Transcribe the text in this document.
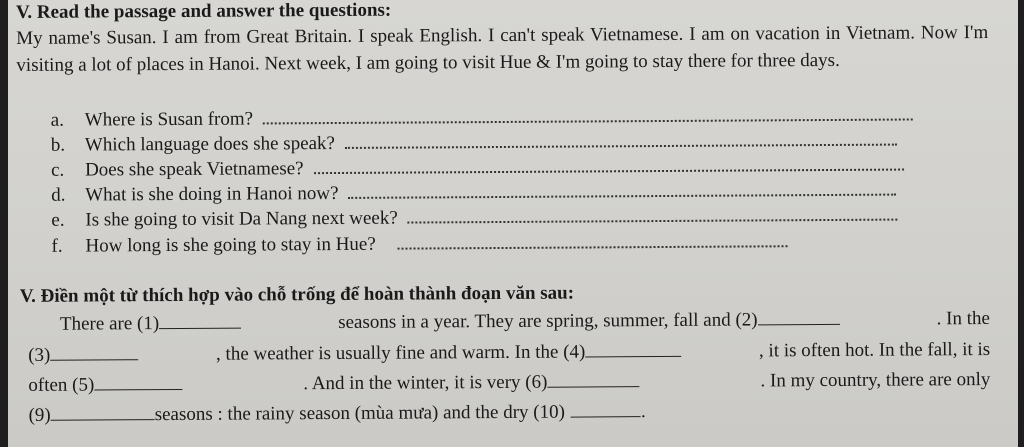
V. Read the passage and answer the questions:

My name's Susan. I am from Great Britain. I speak English. I can't speak Vietnamese. I am on vacation in Vietnam. Now I'm visiting a lot of places in Hanoi. Next week, I am going to visit Hue & I'm going to stay there for three days.

a.	Where is Susan from?
b.	Which language does she speak?
c.	Does she speak Vietnamese?
d.	What is she doing in Hanoi now?
e.	Is she going to visit Da Nang next week?
f.	How long is she going to stay in Hue?
V. Điền một từ thích hợp vào chỗ trống để hoàn thành đoạn văn sau:
There are (1)	seasons in a year. They are spring, summer, fall and (2)	. In the
(3)	, the weather is usually fine and warm. In the (4)	, it is often hot. In the fall, it is
often (5)	. And in the winter, it is very (6)	. In my country, there are only
(9)	seasons : the rainy season (mùa mưa) and the dry (10)	.
